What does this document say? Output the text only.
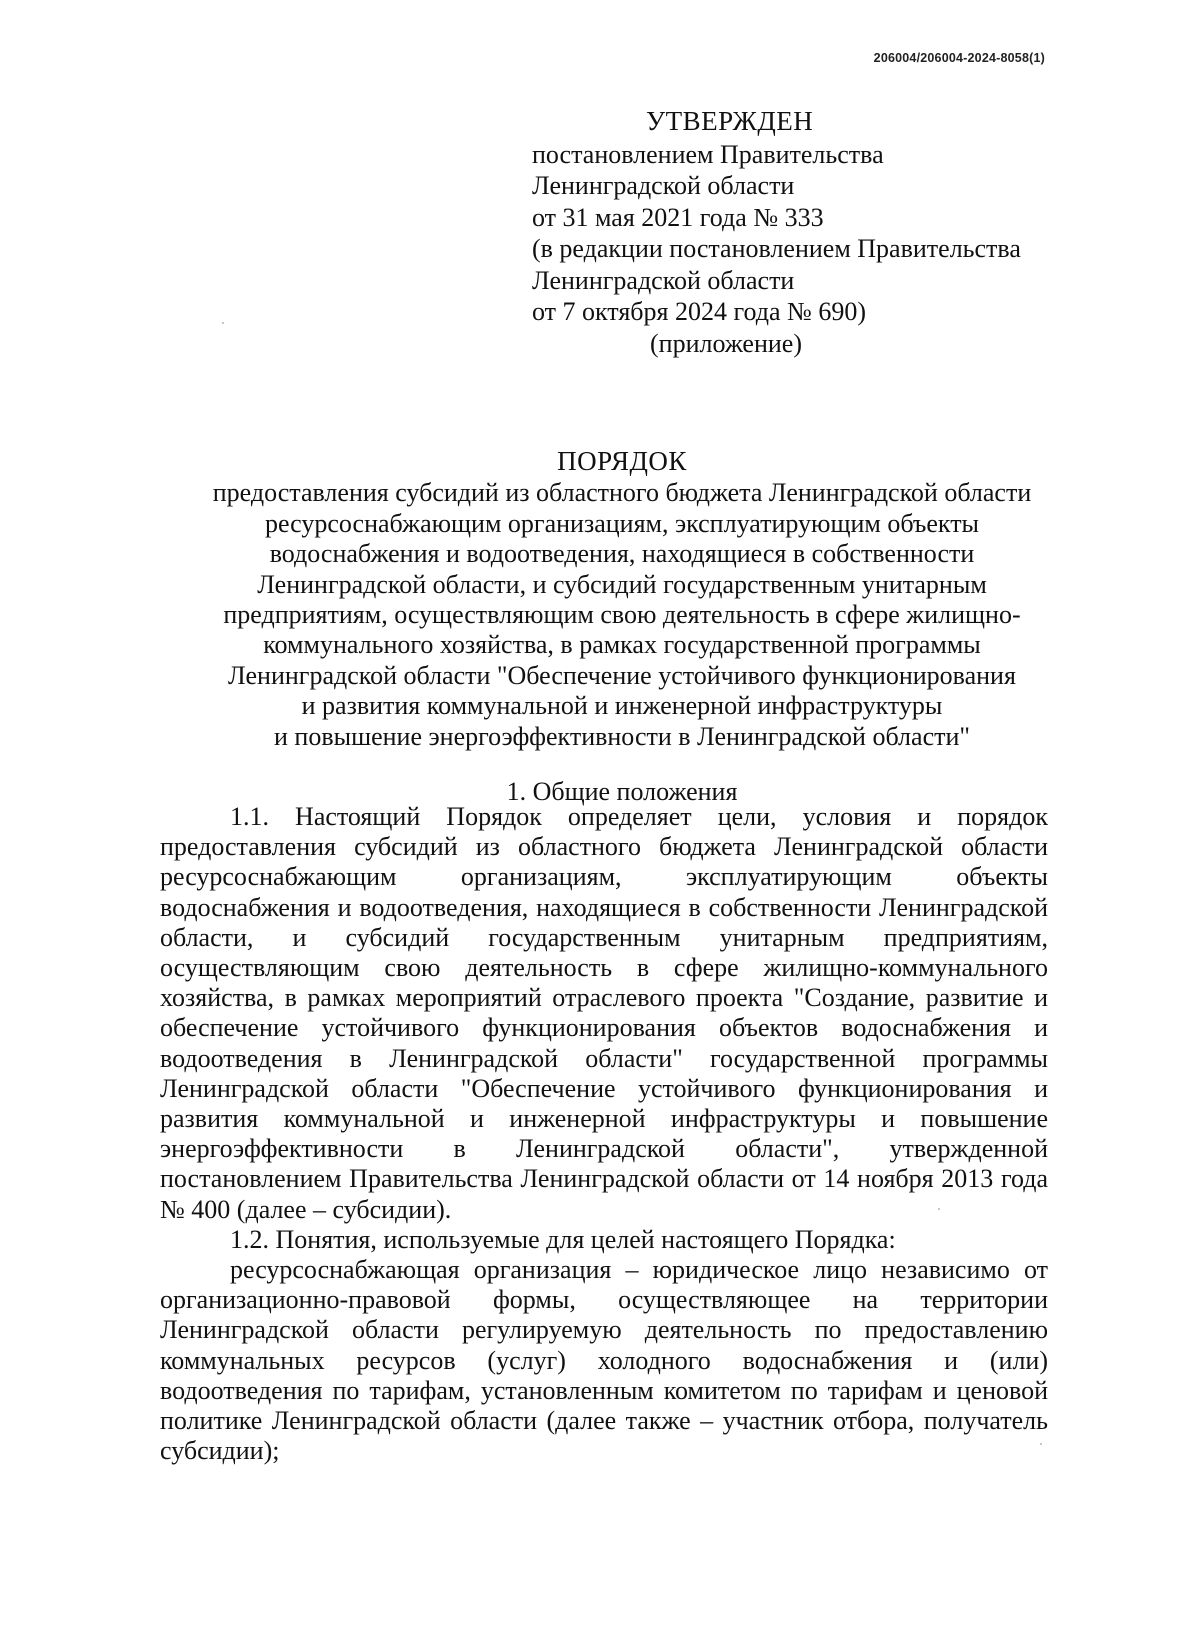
206004/206004-2024-8058(1)
УТВЕРЖДЕН
постановлением Правительства
Ленинградской области
от 31 мая 2021 года № 333
(в редакции постановлением Правительства
Ленинградской области
от 7 октября 2024 года № 690)
(приложение)
ПОРЯДОК
предоставления субсидий из областного бюджета Ленинградской области
ресурсоснабжающим организациям, эксплуатирующим объекты
водоснабжения и водоотведения, находящиеся в собственности
Ленинградской области, и субсидий государственным унитарным
предприятиям, осуществляющим свою деятельность в сфере жилищно-
коммунального хозяйства, в рамках государственной программы
Ленинградской области "Обеспечение устойчивого функционирования
и развития коммунальной и инженерной инфраструктуры
и повышение энергоэффективности в Ленинградской области"
1. Общие положения

1.1. Настоящий Порядок определяет цели, условия и порядок предоставления субсидий из областного бюджета Ленинградской области ресурсоснабжающим организациям, эксплуатирующим объекты водоснабжения и водоотведения, находящиеся в собственности Ленинградской области, и субсидий государственным унитарным предприятиям, осуществляющим свою деятельность в сфере жилищно-коммунального хозяйства, в рамках мероприятий отраслевого проекта "Создание, развитие и обеспечение устойчивого функционирования объектов водоснабжения и водоотведения в Ленинградской области" государственной программы Ленинградской области "Обеспечение устойчивого функционирования и развития коммунальной и инженерной инфраструктуры и повышение энергоэффективности в Ленинградской области", утвержденной постановлением Правительства Ленинградской области от 14 ноября 2013 года № 400 (далее – субсидии).

1.2. Понятия, используемые для целей настоящего Порядка:

ресурсоснабжающая организация – юридическое лицо независимо от организационно-правовой формы, осуществляющее на территории Ленинградской области регулируемую деятельность по предоставлению коммунальных ресурсов (услуг) холодного водоснабжения и (или) водоотведения по тарифам, установленным комитетом по тарифам и ценовой политике Ленинградской области (далее также – участник отбора, получатель субсидии);
